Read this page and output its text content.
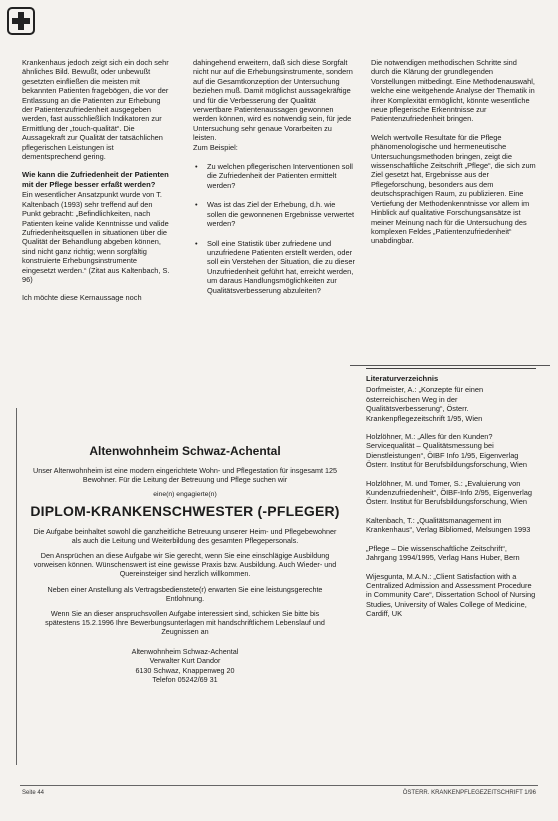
Krankenhaus jedoch zeigt sich ein doch sehr ähnliches Bild. Bewußt, oder unbewußt gesetzten einfließen die meisten mit bekannten Patienten fragebögen, die vor der Entlassung an die Patienten zur Erhebung der Patientenzufriedenheit ausgegeben werden, fast ausschließlich Indikatoren zur Ermittlung der „touch-qualität“. Die Aussagekraft zur Qualität der tatsächlichen pflegerischen Leistungen ist dementsprechend gering.

Wie kann die Zufriedenheit der Patienten mit der Pflege besser erfaßt werden?

Ein wesentlicher Ansatzpunkt wurde von T. Kaltenbach (1993) sehr treffend auf den Punkt gebracht: „Befindlichkeiten, nach Patienten keine valide Kenntnisse und valide Zufriedenheitsquellen in situationen über die Qualität der Behandlung abgeben können, sind nicht ganz richtig; wenn sorgfältig konstruierte Erhebungsinstrumente eingesetzt werden.“ (Zitat aus Kaltenbach, S. 96)

Ich möchte diese Kernaussage noch

dahingehend erweitern, daß sich diese Sorgfalt nicht nur auf die Erhebungsinstrumente, sondern auf die Gesamtkonzeption der Untersuchung beziehen muß. Damit möglichst aussagekräftige und für die Verbesserung der Qualität verwertbare Patientenaussagen gewonnen werden können, wird es notwendig sein, für jede Untersuchung sehr genaue Vorarbeiten zu leisten.

Zum Beispiel:

• Zu welchen pflegerischen Interventionen soll die Zufriedenheit der Patienten ermittelt werden?
• Was ist das Ziel der Erhebung, d.h. wie sollen die gewonnenen Ergebnisse verwertet werden?
• Soll eine Statistik über zufriedene und unzufriedene Patienten erstellt werden, oder soll ein Verstehen der Situation, die zu dieser Unzufriedenheit geführt hat, erreicht werden, um daraus Handlungsmöglichkeiten zur Qualitätsverbesserung abzuleiten?

Die notwendigen methodischen Schritte sind durch die Klärung der grundlegenden Vorstellungen mitbedingt. Eine Methodenauswahl, welche eine weitgehende Analyse der Thematik in ihrer Komplexität ermöglicht, könnte wesentliche neue pflegerische Erkenntnisse zur Patientenzufriedenheit bringen.

Welch wertvolle Resultate für die Pflege phänomenologische und hermeneutische Untersuchungsmethoden bringen, zeigt die wissenschaftliche Zeitschrift „Pflege“, die sich zum Ziel gesetzt hat, Ergebnisse aus der Pflegeforschung, besonders aus dem deutschsprachigen Raum, zu publizieren. Eine Vertiefung der Methodenkenntnisse vor allem im Hinblick auf qualitative Forschungsansätze ist meiner Meinung nach für die Untersuchung des komplexen Feldes „Patientenzufriedenheit“ unabdingbar.

Altenwohnheim Schwaz-Achental
Unser Altenwohnheim ist eine modern eingerichtete Wohn- und Pflegestation für insgesamt 125 Bewohner. Für die Leitung der Betreuung und Pflege suchen wir
eine(n) engagierte(n)
DIPLOM-KRANKENSCHWESTER (-PFLEGER)
Die Aufgabe beinhaltet sowohl die ganzheitliche Betreuung unserer Heim- und Pflegebewohner als auch die Leitung und Weiterbildung des gesamten Pflegepersonals.
Den Ansprüchen an diese Aufgabe wir Sie gerecht, wenn Sie eine einschlägige Ausbildung vorweisen können. Wünschenswert ist eine gewisse Praxis bzw. Ausbildung. Auch Wieder- und Quereinsteiger sind herzlich willkommen.
Neben einer Anstellung als Vertragsbedienstete(r) erwarten Sie eine leistungsgerechte Entlohnung.
Wenn Sie an dieser anspruchsvollen Aufgabe interessiert sind, schicken Sie bitte bis spätestens 15.2.1996 Ihre Bewerbungsunterlagen mit handschriftlichem Lebenslauf und Zeugnissen an
Altenwohnheim Schwaz-Achental
Verwalter Kurt Dandor
6130 Schwaz, Knappenweg 20
Telefon 05242/69 31
Literaturverzeichnis

Dorfmeister, A.: „Konzepte für einen österreichischen Weg in der Qualitätsverbesserung“, Österr. Krankenpflegezeitschrift 1/95, Wien

Holzlöhner, M.: „Alles für den Kunden? Servicequalität – Qualitätsmessung bei Dienstleistungen“, ÖIBF Info 1/95, Eigenverlag Österr. Institut für Berufsbildungsforschung, Wien

Holzlöhner, M. und Tomer, S.: „Evaluierung von Kundenzufriedenheit“, ÖIBF-Info 2/95, Eigenverlag Österr. Institut für Berufsbildungsforschung, Wien

Kaltenbach, T.: „Qualitätsmanagement im Krankenhaus“, Verlag Bibliomed, Melsungen 1993

„Pflege – Die wissenschaftliche Zeitschrift“, Jahrgang 1994/1995, Verlag Hans Huber, Bern

Wijesgunta, M.A.N.: „Client Satisfaction with a Centralized Admission and Assessment Procedure in Community Care“, Dissertation School of Nursing Studies, University of Wales College of Medicine, Cardiff, UK

Seite 44	ÖSTERR. KRANKENPFLEGEZEITSCHRIFT 1/96
